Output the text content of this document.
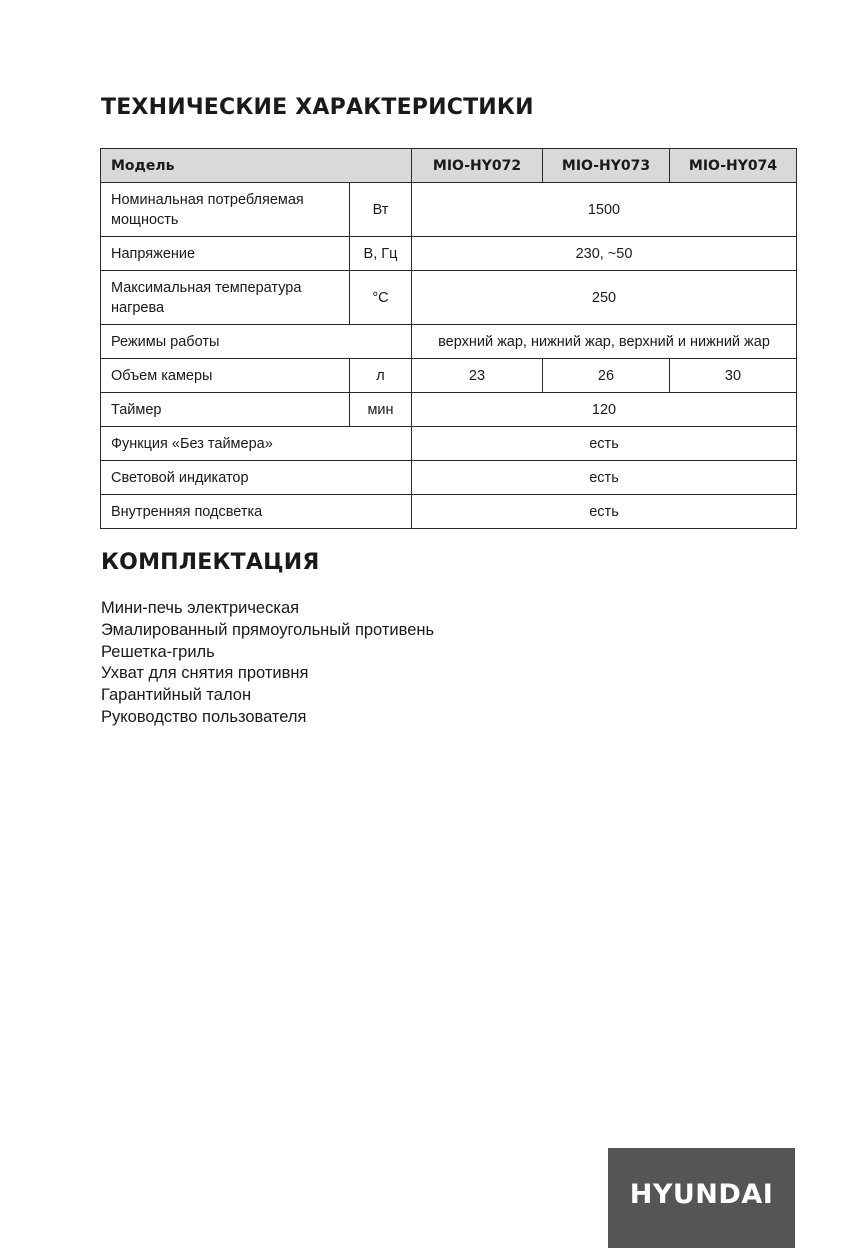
ТЕХНИЧЕСКИЕ ХАРАКТЕРИСТИКИ
Модель		MIO-HY072	MIO-HY073	MIO-HY074
Номинальная потребляемая мощность	Вт	1500		
Напряжение	В, Гц	230, ~50		
Максимальная температура нагрева	°С	250		
Режимы работы		верхний жар, нижний жар, верхний и нижний жар		
Объем камеры	л	23	26	30
Таймер	мин	120		
Функция «Без таймера»		есть		
Световой индикатор		есть		
Внутренняя подсветка		есть		
КОМПЛЕКТАЦИЯ
Мини-печь электрическая
Эмалированный прямоугольный противень
Решетка-гриль
Ухват для снятия противня
Гарантийный талон
Руководство пользователя
HYUNDAI
